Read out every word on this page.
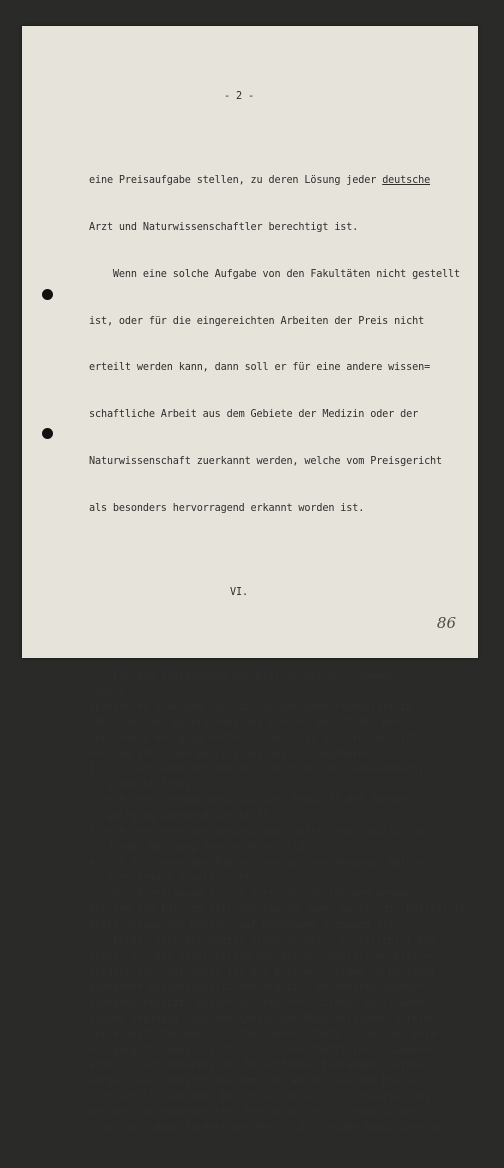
- 2 -

eine Preisaufgabe stellen, zu deren Lösung jeder deutsche

Arzt und Naturwissenschaftler berechtigt ist.

Wenn eine solche Aufgabe von den Fakultäten nicht gestellt

ist, oder für die eingereichten Arbeiten der Preis nicht

erteilt werden kann, dann soll er für eine andere wissen=

schaftliche Arbeit aus dem Gebiete der Medizin oder der

Naturwissenschaft zuerkannt werden, welche vom Preisgericht

als besonders hervorragend erkannt worden ist.

VI.

Für die Zuerkennung des Preises gelten folgende
Regeln :
Spätestens 2 Wochen vor Schluss des Sommersemesters im
Jahre vor der Zusprechung des Preises beruft der Rektor
der Johann Wolfgang Goethe-Univeristät das Preisgericht,
welchem unter dem Vorsitz des Rektors angehören:
1. ein Vertreter der Administration der Dr. Senckenbergi=
schen Stiftung,
2. ein Vertröterder medizinischen Fakultät der Johann
Wolfgang Goethe-Universität,
3. ein Vertreter der naturwissenschaftlichen Fakultät der
Johann Wolfgang Goethe-Universität.
4. ein Vertreter des Führerrates der Senckenberg. Natur=
forschenden Gesellschaft.
Die Bezeichnung dieser Vertreter bleibt den genannten
Stellen von Fall zu Fall überlassen, wenn an sie die befristete
Aufforderung des Rektors auf Benennung ergangen ist.
Ferner soll der Rektor einen sechsten Preisrichter be=
rufen, welcher hinsichtlich der Art der gestellten Preis=
aufgabe,oder der sonst für die Preisverteilung in Betracht
gezogenen wissenschaftlichen Arbeiten besonderes Sachver=
ständnis besitzt. Dieser sechste Preisrichter soll, wenn
irgend angängig, aus dem Kreise des Physikalischen Vereins,
der Frankfurter medizinischen Gesellschaft , oder der Ver=
einigung für medizinisch-naturwissenschaftliche Zusammen=
arbeit- nach Anhörung der betreffenden Führungen- berufen
werden. Gleichzeitig bestimmt der Rektor aus dem Preis=
richterkollegium zwei Berichterstatter zur Vorbeurteilung
der bei ihm eingereichten Preisarbeiten . Liegen solche
nicht vor, dann fordert der Rektor die beiden Fakultäten auf,

86
